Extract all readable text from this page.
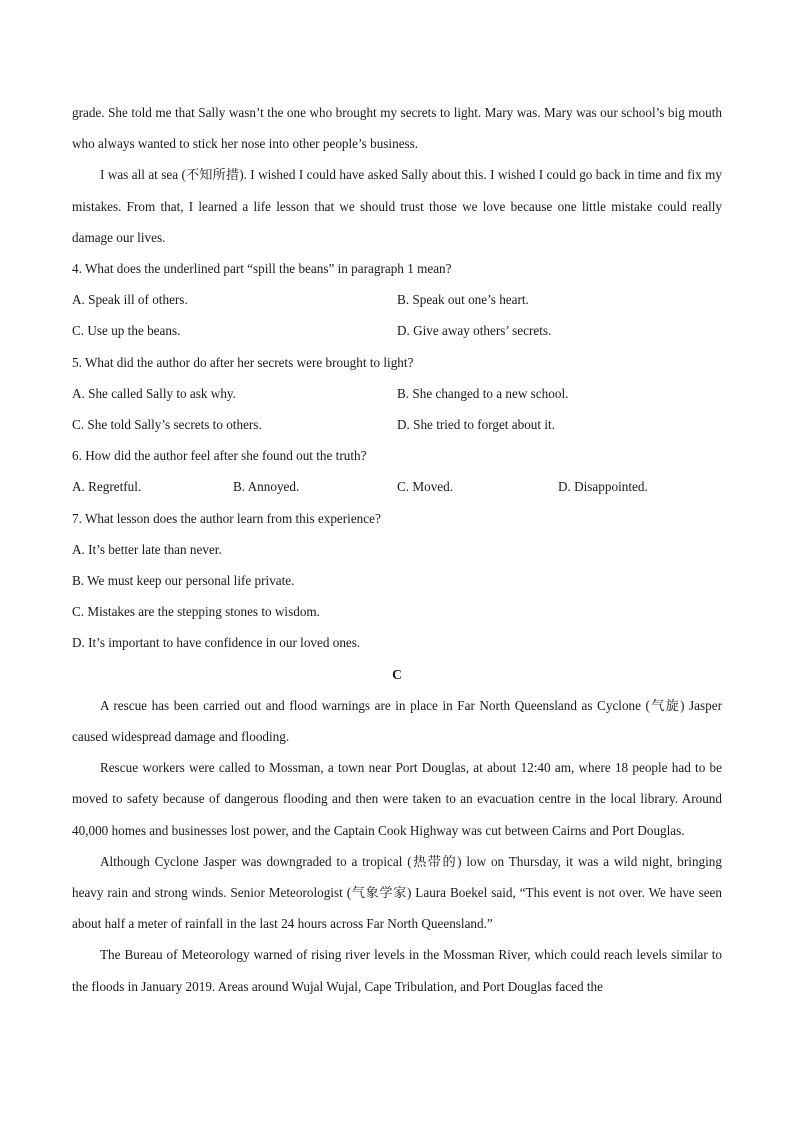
grade. She told me that Sally wasn’t the one who brought my secrets to light. Mary was. Mary was our school’s big mouth who always wanted to stick her nose into other people’s business.

I was all at sea (不知所措). I wished I could have asked Sally about this. I wished I could go back in time and fix my mistakes. From that, I learned a life lesson that we should trust those we love because one little mistake could really damage our lives.

4. What does the underlined part “spill the beans” in paragraph 1 mean?

A. Speak ill of others.	B. Speak out one’s heart.
C. Use up the beans.	D. Give away others’ secrets.

5. What did the author do after her secrets were brought to light?

A. She called Sally to ask why.	B. She changed to a new school.
C. She told Sally’s secrets to others.	D. She tried to forget about it.

6. How did the author feel after she found out the truth?

A. Regretful.	B. Annoyed.	C. Moved.	D. Disappointed.

7. What lesson does the author learn from this experience?

A. It’s better late than never.

B. We must keep our personal life private.

C. Mistakes are the stepping stones to wisdom.

D. It’s important to have confidence in our loved ones.

C

A rescue has been carried out and flood warnings are in place in Far North Queensland as Cyclone (气旋) Jasper caused widespread damage and flooding.

Rescue workers were called to Mossman, a town near Port Douglas, at about 12:40 am, where 18 people had to be moved to safety because of dangerous flooding and then were taken to an evacuation centre in the local library. Around 40,000 homes and businesses lost power, and the Captain Cook Highway was cut between Cairns and Port Douglas.

Although Cyclone Jasper was downgraded to a tropical (热带的) low on Thursday, it was a wild night, bringing heavy rain and strong winds. Senior Meteorologist (气象学家) Laura Boekel said, “This event is not over. We have seen about half a meter of rainfall in the last 24 hours across Far North Queensland.”

The Bureau of Meteorology warned of rising river levels in the Mossman River, which could reach levels similar to the floods in January 2019. Areas around Wujal Wujal, Cape Tribulation, and Port Douglas faced the
